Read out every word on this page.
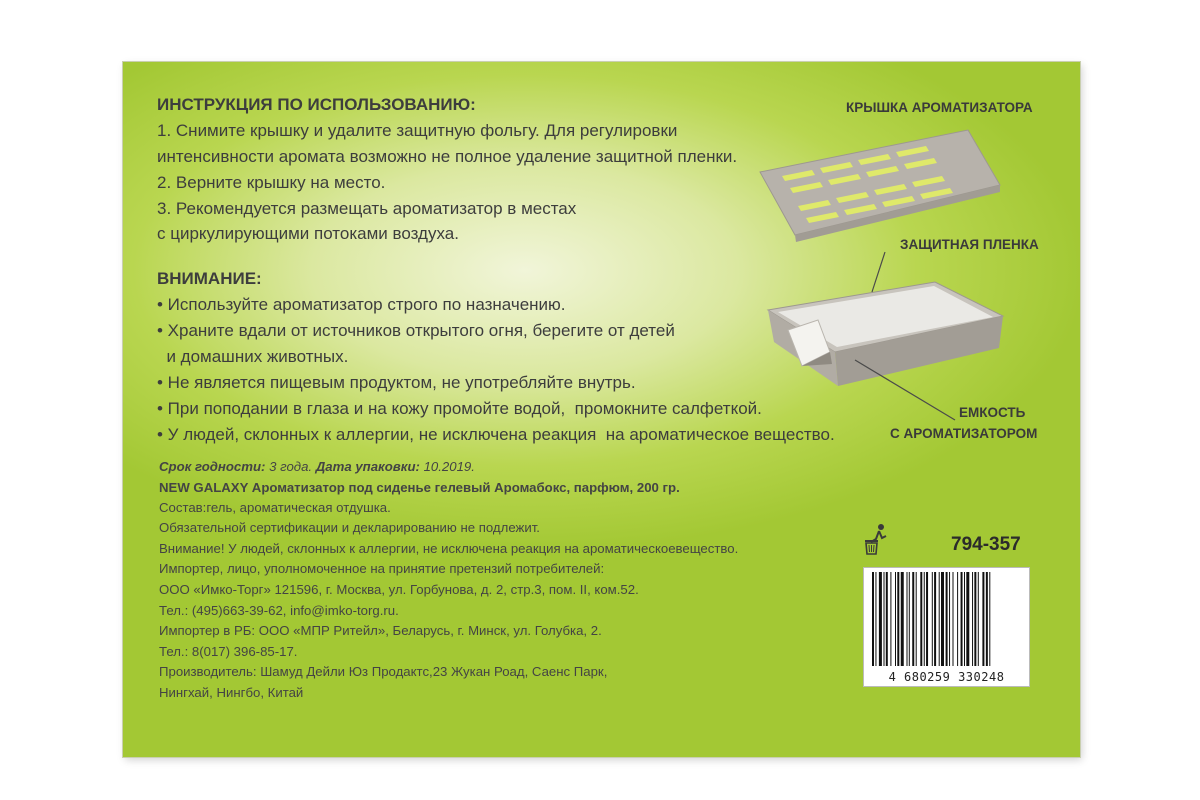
ИНСТРУКЦИЯ ПО ИСПОЛЬЗОВАНИЮ:
1. Снимите крышку и удалите защитную фольгу. Для регулировки
интенсивности аромата возможно не полное удаление защитной пленки.
2. Верните крышку на место.
3. Рекомендуется размещать ароматизатор в местах
с циркулирующими потоками воздуха.
ВНИМАНИЕ:
• Используйте ароматизатор строго по назначению.
• Храните вдали от источников открытого огня, берегите от детей
и домашних животных.
• Не является пищевым продуктом, не употребляйте внутрь.
• При поподании в глаза и на кожу промойте водой,  промокните салфеткой.
• У людей, склонных к аллергии, не исключена реакция  на ароматическое вещество.
Срок годности: 3 года. Дата упаковки: 10.2019.
NEW GALAXY Ароматизатор под сиденье гелевый Аромабокс, парфюм, 200 гр.
Состав:гель, ароматическая отдушка.
Обязательной сертификации и декларированию не подлежит.
Внимание! У людей, склонных к аллергии, не исключена реакция на ароматическоевещество.
Импортер, лицо, уполномоченное на принятие претензий потребителей:
ООО «Имко-Торг» 121596, г. Москва, ул. Горбунова, д. 2, стр.3, пом. II, ком.52.
Тел.: (495)663-39-62, info@imko-torg.ru.
Импортер в РБ: ООО «МПР Ритейл», Беларусь, г. Минск, ул. Голубка, 2.
Тел.: 8(017) 396-85-17.
Производитель: Шамуд Дейли Юз Продактс,23 Жукан Роад, Саенс Парк,
Нингхай, Нингбо, Китай
КРЫШКА АРОМАТИЗАТОРА
ЗАЩИТНАЯ ПЛЕНКА
ЕМКОСТЬ
С АРОМАТИЗАТОРОМ
794-357
4 680259 330248
